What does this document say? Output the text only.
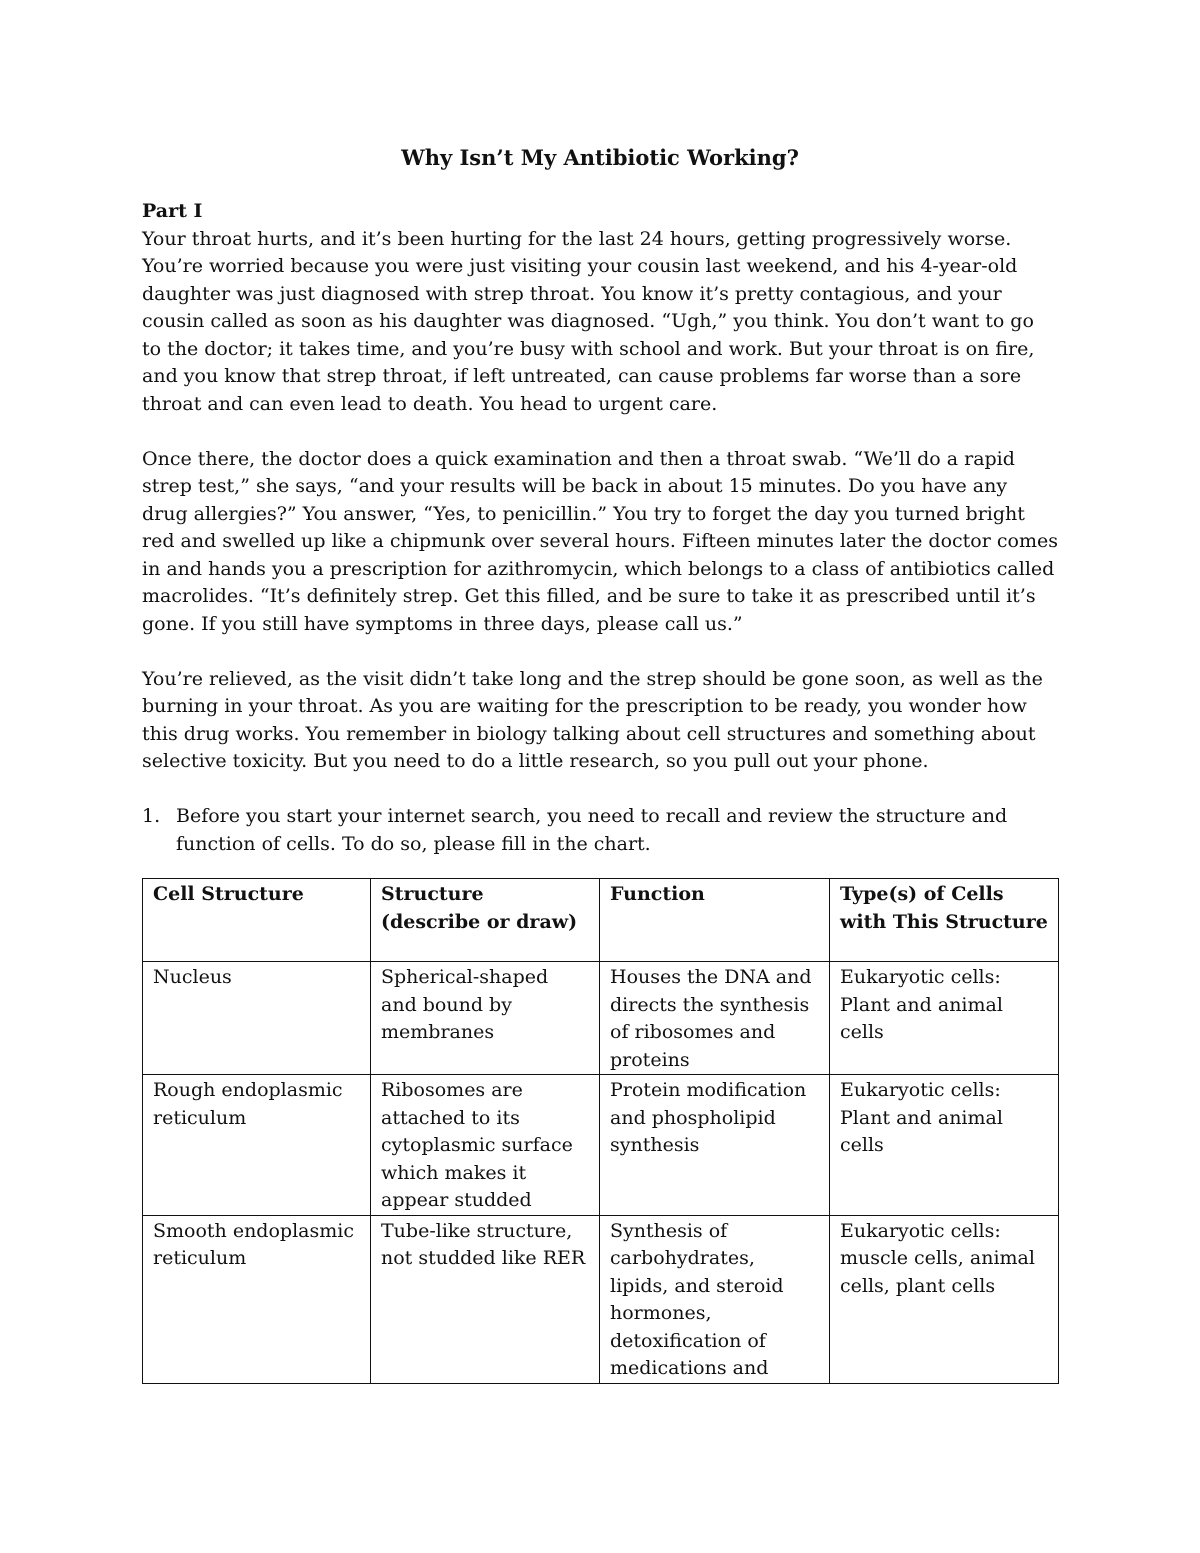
Why Isn’t My Antibiotic Working?

Part I

Your throat hurts, and it’s been hurting for the last 24 hours, getting progressively worse. You’re worried because you were just visiting your cousin last weekend, and his 4-year-old daughter was just diagnosed with strep throat. You know it’s pretty contagious, and your cousin called as soon as his daughter was diagnosed. “Ugh,” you think. You don’t want to go to the doctor; it takes time, and you’re busy with school and work. But your throat is on fire, and you know that strep throat, if left untreated, can cause problems far worse than a sore throat and can even lead to death. You head to urgent care.

Once there, the doctor does a quick examination and then a throat swab. “We’ll do a rapid strep test,” she says, “and your results will be back in about 15 minutes. Do you have any drug allergies?” You answer, “Yes, to penicillin.” You try to forget the day you turned bright red and swelled up like a chipmunk over several hours. Fifteen minutes later the doctor comes in and hands you a prescription for azithromycin, which belongs to a class of antibiotics called macrolides. “It’s definitely strep. Get this filled, and be sure to take it as prescribed until it’s gone. If you still have symptoms in three days, please call us.”

You’re relieved, as the visit didn’t take long and the strep should be gone soon, as well as the burning in your throat. As you are waiting for the prescription to be ready, you wonder how this drug works. You remember in biology talking about cell structures and something about selective toxicity. But you need to do a little research, so you pull out your phone.

1. Before you start your internet search, you need to recall and review the structure and function of cells. To do so, please fill in the chart.
Cell Structure	Structure (describe or draw)	Function	Type(s) of Cells with This Structure
Nucleus	Spherical-shaped and bound by membranes	Houses the DNA and directs the synthesis of ribosomes and proteins	Eukaryotic cells: Plant and animal cells
Rough endoplasmic reticulum	Ribosomes are attached to its cytoplasmic surface which makes it appear studded	Protein modification and phospholipid synthesis	Eukaryotic cells: Plant and animal cells
Smooth endoplasmic reticulum	Tube-like structure, not studded like RER	Synthesis of carbohydrates, lipids, and steroid hormones, detoxification of medications and	Eukaryotic cells: muscle cells, animal cells, plant cells
